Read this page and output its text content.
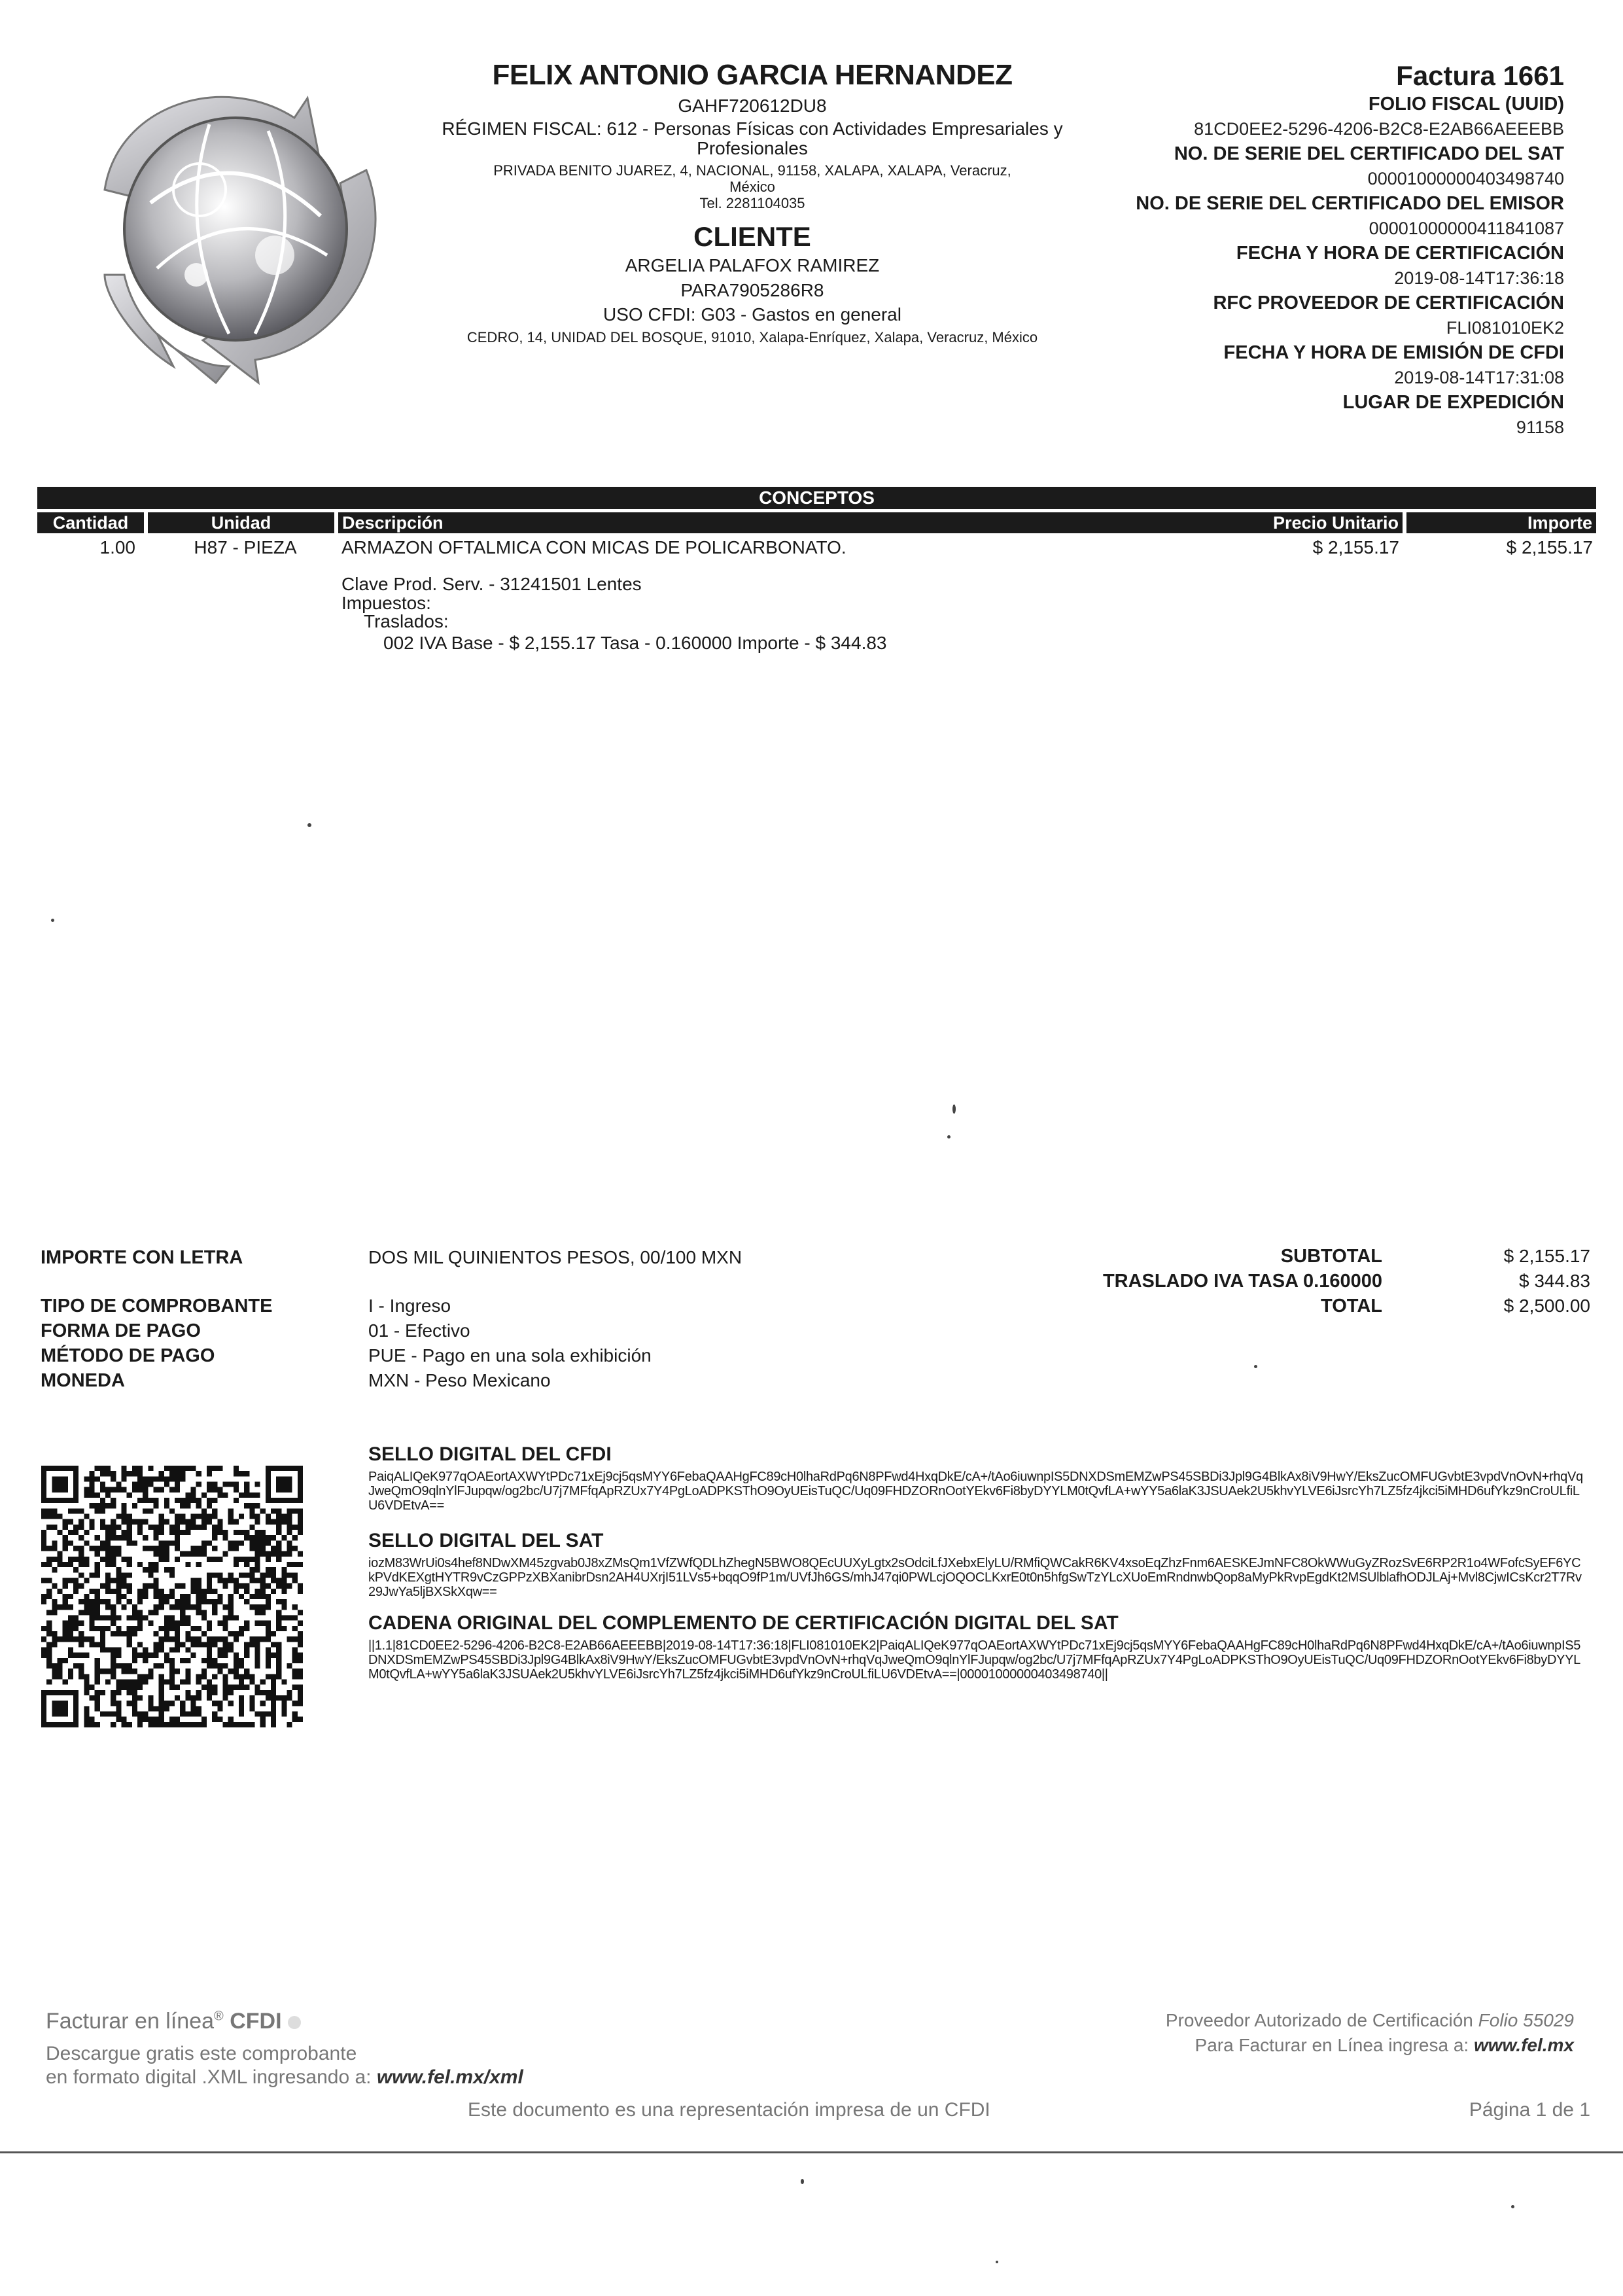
FELIX ANTONIO GARCIA HERNANDEZ
GAHF720612DU8
RÉGIMEN FISCAL: 612 - Personas Físicas con Actividades Empresariales y
Profesionales
PRIVADA BENITO JUAREZ, 4, NACIONAL, 91158, XALAPA, XALAPA, Veracruz,
México
Tel. 2281104035
CLIENTE
ARGELIA PALAFOX RAMIREZ
PARA7905286R8
USO CFDI: G03 - Gastos en general
CEDRO, 14, UNIDAD DEL BOSQUE, 91010, Xalapa-Enríquez, Xalapa, Veracruz, México
Factura 1661
FOLIO FISCAL (UUID)
81CD0EE2-5296-4206-B2C8-E2AB66AEEEBB
NO. DE SERIE DEL CERTIFICADO DEL SAT
00001000000403498740
NO. DE SERIE DEL CERTIFICADO DEL EMISOR
00001000000411841087
FECHA Y HORA DE CERTIFICACIÓN
2019-08-14T17:36:18
RFC PROVEEDOR DE CERTIFICACIÓN
FLI081010EK2
FECHA Y HORA DE EMISIÓN DE CFDI
2019-08-14T17:31:08
LUGAR DE EXPEDICIÓN
91158
CONCEPTOS
Cantidad	Unidad	Descripción	Precio Unitario	Importe
1.00	H87 - PIEZA	ARMAZON OFTALMICA CON MICAS DE POLICARBONATO.	$ 2,155.17	$ 2,155.17
Clave Prod. Serv. - 31241501 Lentes
Impuestos:
Traslados:
002 IVA Base - $ 2,155.17 Tasa - 0.160000 Importe - $ 344.83
IMPORTE CON LETRA	DOS MIL QUINIENTOS PESOS, 00/100 MXN
TIPO DE COMPROBANTE	I - Ingreso
FORMA DE PAGO	01 - Efectivo
MÉTODO DE PAGO	PUE - Pago en una sola exhibición
MONEDA	MXN - Peso Mexicano
SUBTOTAL	$ 2,155.17
TRASLADO IVA TASA 0.160000	$ 344.83
TOTAL	$ 2,500.00
SELLO DIGITAL DEL CFDI
PaiqALIQeK977qOAEortAXWYtPDc71xEj9cj5qsMYY6FebaQAAHgFC89cH0lhaRdPq6N8PFwd4HxqDkE/cA+/tAo6iuwnpIS5DNXDSmEMZwPS45SBDi3Jpl9G4BlkAx8iV9HwY/EksZucOMFUGvbtE3vpdVnOvN+rhqVqJweQmO9qlnYlFJupqw/og2bc/U7j7MFfqApRZUx7Y4PgLoADPKSThO9OyUEisTuQC/Uq09FHDZORnOotYEkv6Fi8byDYYLM0tQvfLA+wYY5a6laK3JSUAek2U5khvYLVE6iJsrcYh7LZ5fz4jkci5iMHD6ufYkz9nCroULfiLU6VDEtvA==
SELLO DIGITAL DEL SAT
iozM83WrUi0s4hef8NDwXM45zgvab0J8xZMsQm1VfZWfQDLhZhegN5BWO8QEcUUXyLgtx2sOdciLfJXebxElyLU/RMfiQWCakR6KV4xsoEqZhzFnm6AESKEJmNFC8OkWWuGyZRozSvE6RP2R1o4WFofcSyEF6YCkPVdKEXgtHYTR9vCzGPPzXBXanibrDsn2AH4UXrjI51LVs5+bqqO9fP1m/UVfJh6GS/mhJ47qi0PWLcjOQOCLKxrE0t0n5hfgSwTzYLcXUoEmRndnwbQop8aMyPkRvpEgdKt2MSUlblafhODJLAj+Mvl8CjwICsKcr2T7Rv29JwYa5ljBXSkXqw==
CADENA ORIGINAL DEL COMPLEMENTO DE CERTIFICACIÓN DIGITAL DEL SAT
||1.1|81CD0EE2-5296-4206-B2C8-E2AB66AEEEBB|2019-08-14T17:36:18|FLI081010EK2|PaiqALIQeK977qOAEortAXWYtPDc71xEj9cj5qsMYY6FebaQAAHgFC89cH0lhaRdPq6N8PFwd4HxqDkE/cA+/tAo6iuwnpIS5DNXDSmEMZwPS45SBDi3Jpl9G4BlkAx8iV9HwY/EksZucOMFUGvbtE3vpdVnOvN+rhqVqJweQmO9qlnYlFJupqw/og2bc/U7j7MFfqApRZUx7Y4PgLoADPKSThO9OyUEisTuQC/Uq09FHDZORnOotYEkv6Fi8byDYYLM0tQvfLA+wYY5a6laK3JSUAek2U5khvYLVE6iJsrcYh7LZ5fz4jkci5iMHD6ufYkz9nCroULfiLU6VDEtvA==|00001000000403498740||
Facturar en línea® CFDI
Descargue gratis este comprobante
en formato digital .XML ingresando a: www.fel.mx/xml
Proveedor Autorizado de Certificación Folio 55029
Para Facturar en Línea ingresa a: www.fel.mx
Este documento es una representación impresa de un CFDI	Página 1 de 1
